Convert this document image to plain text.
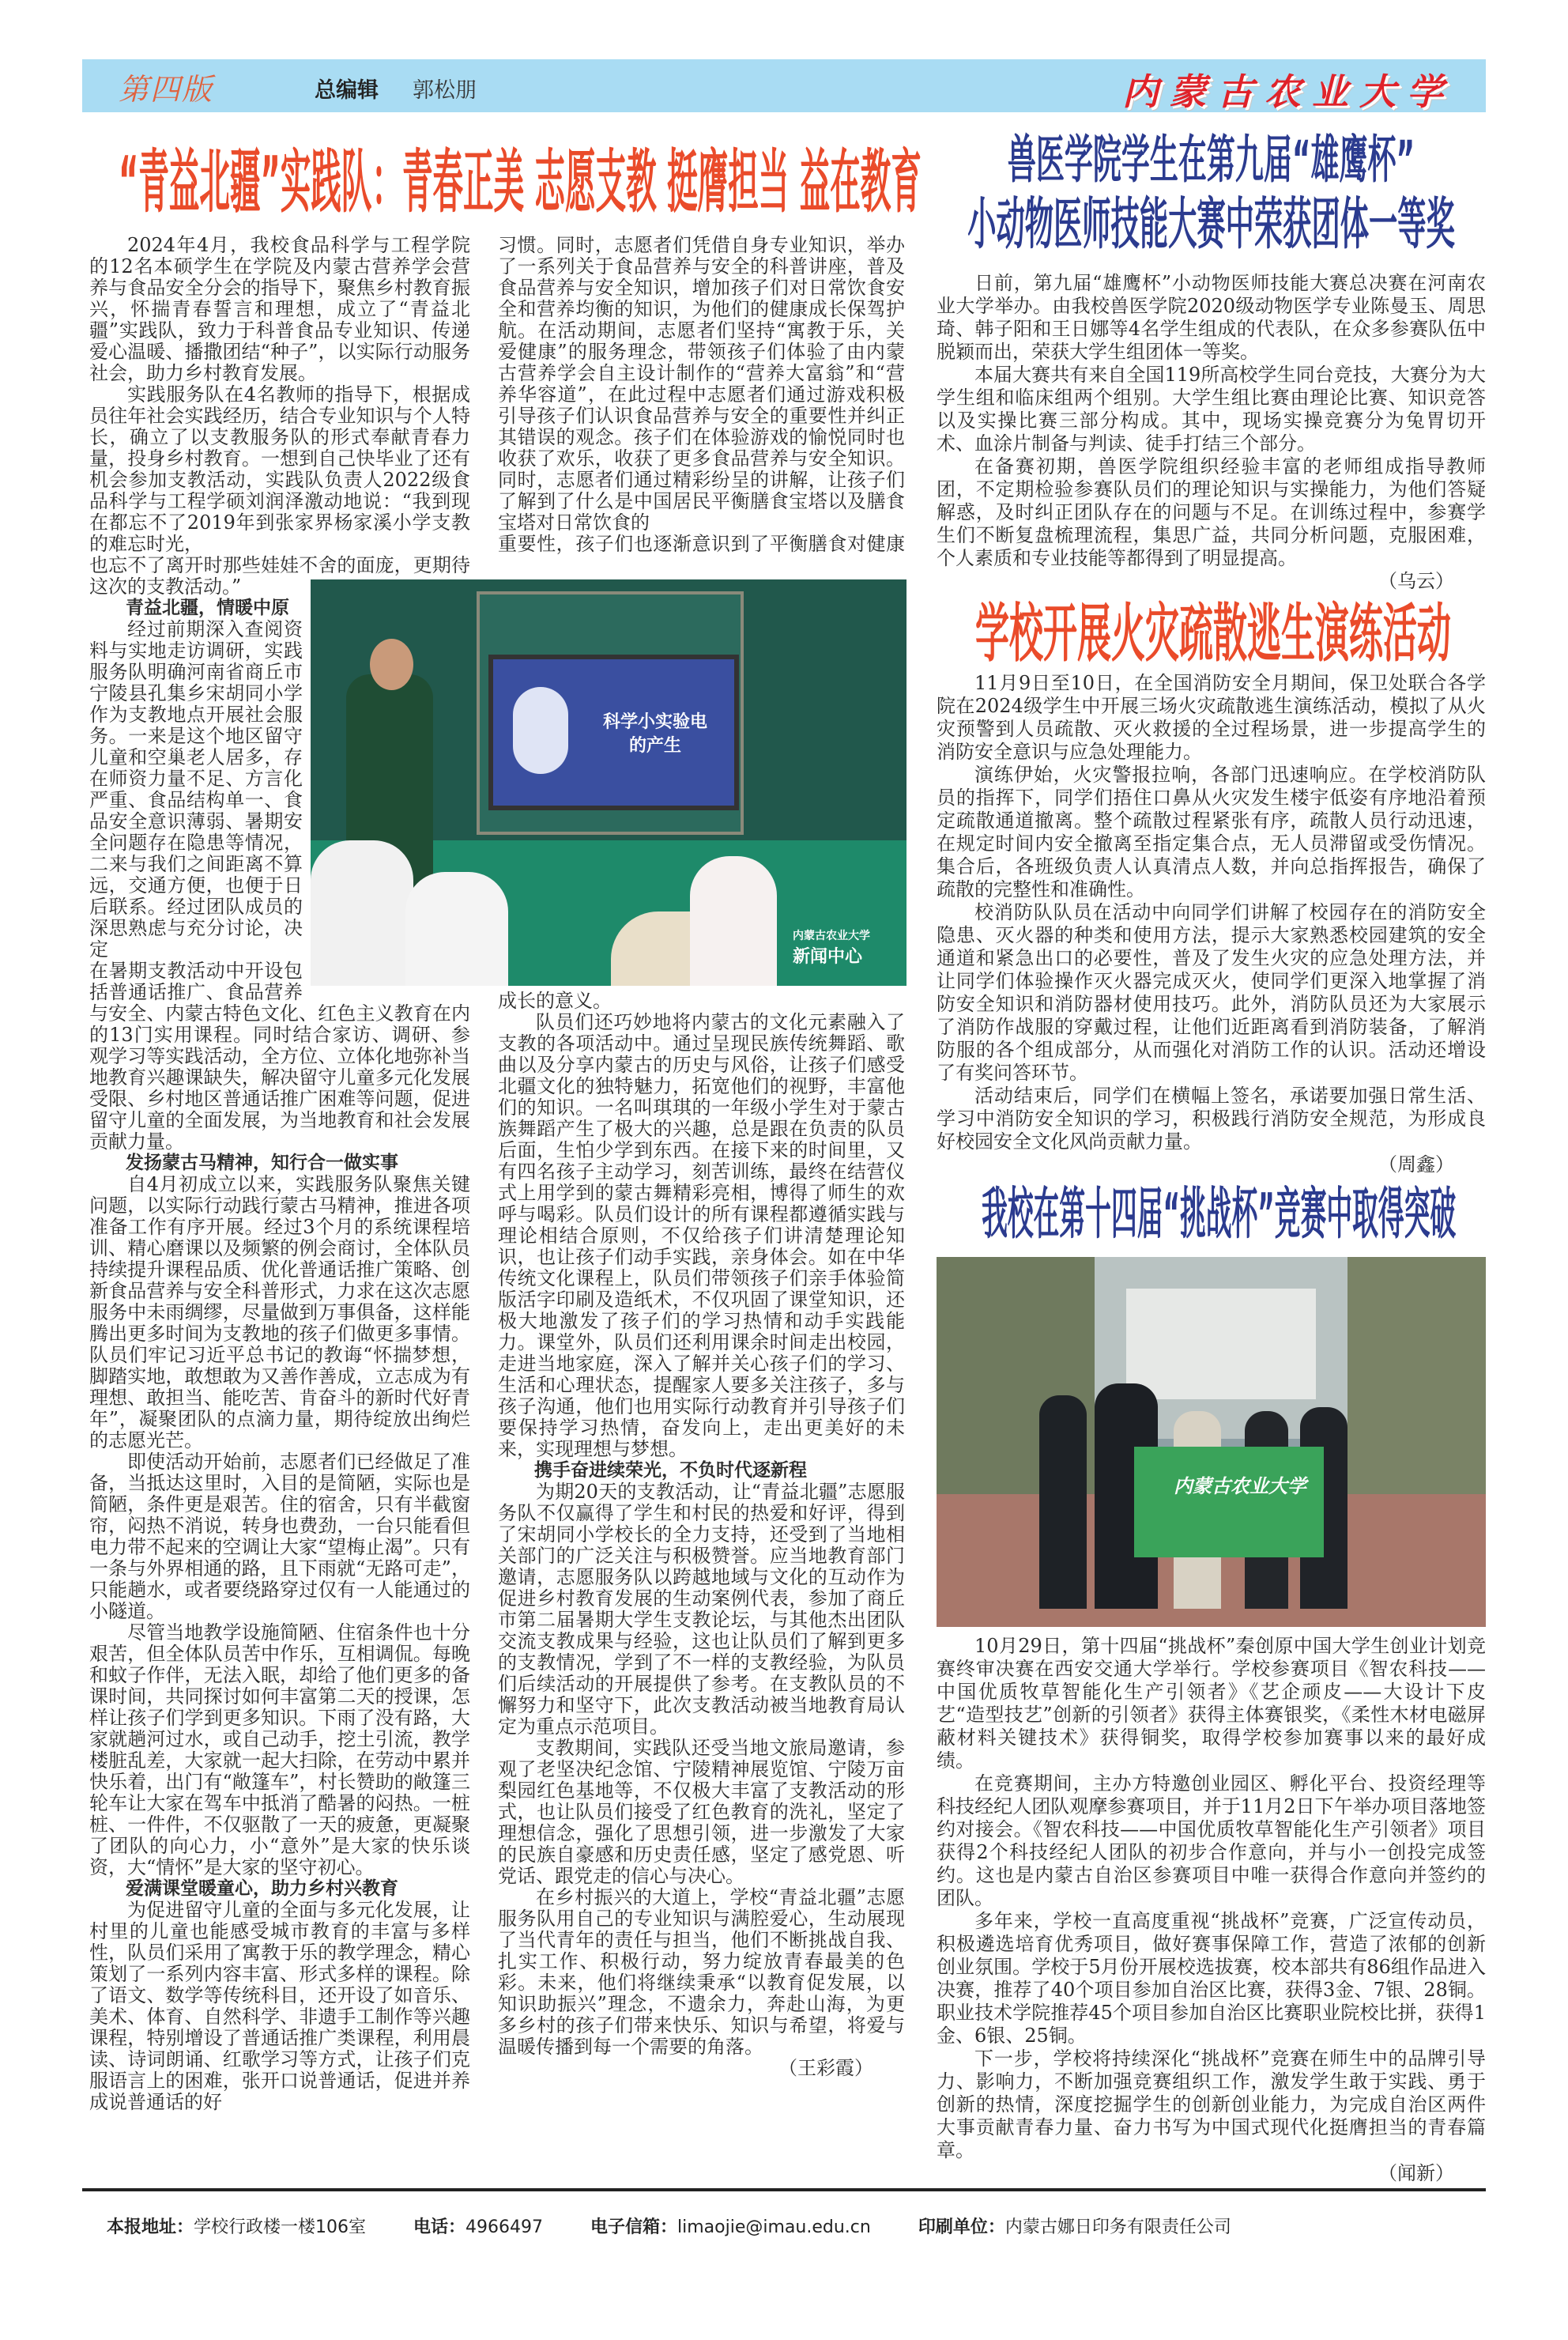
第四版	总编辑 郭松朋	内蒙古农业大学
“青益北疆”实践队：青春正美 志愿支教 挺膺担当 益在教育

2024年4月，我校食品科学与工程学院的12名本硕学生在学院及内蒙古营养学会营养与食品安全分会的指导下，聚焦乡村教育振兴，怀揣青春誓言和理想，成立了“青益北疆”实践队，致力于科普食品专业知识、传递爱心温暖、播撒团结“种子”，以实际行动服务社会，助力乡村教育发展。

实践服务队在4名教师的指导下，根据成员往年社会实践经历，结合专业知识与个人特长，确立了以支教服务队的形式奉献青春力量，投身乡村教育。一想到自己快毕业了还有机会参加支教活动，实践队负责人2022级食品科学与工程学硕刘润泽激动地说：“我到现在都忘不了2019年到张家界杨家溪小学支教的难忘时光，

也忘不了离开时那些娃娃不舍的面庞，更期待这次的支教活动。”

青益北疆，情暖中原

经过前期深入查阅资料与实地走访调研，实践服务队明确河南省商丘市宁陵县孔集乡宋胡同小学作为支教地点开展社会服务。一来是这个地区留守儿童和空巢老人居多，存在师资力量不足、方言化严重、食品结构单一、食品安全意识薄弱、暑期安全问题存在隐患等情况，二来与我们之间距离不算远，交通方便，也便于日后联系。经过团队成员的深思熟虑与充分讨论，决定

在暑期支教活动中开设包括普通话推广、食品营养与安全、内蒙古特色文化、红色主义教育在内的13门实用课程。同时结合家访、调研、参观学习等实践活动，全方位、立体化地弥补当地教育兴趣课缺失，解决留守儿童多元化发展受限、乡村地区普通话推广困难等问题，促进留守儿童的全面发展，为当地教育和社会发展贡献力量。

发扬蒙古马精神，知行合一做实事

自4月初成立以来，实践服务队聚焦关键问题，以实际行动践行蒙古马精神，推进各项准备工作有序开展。经过3个月的系统课程培训、精心磨课以及频繁的例会商讨，全体队员持续提升课程品质、优化普通话推广策略、创新食品营养与安全科普形式，力求在这次志愿服务中未雨绸缪，尽量做到万事俱备，这样能腾出更多时间为支教地的孩子们做更多事情。队员们牢记习近平总书记的教诲“怀揣梦想，脚踏实地，敢想敢为又善作善成，立志成为有理想、敢担当、能吃苦、肯奋斗的新时代好青年”，凝聚团队的点滴力量，期待绽放出绚烂的志愿光芒。

即使活动开始前，志愿者们已经做足了准备，当抵达这里时，入目的是简陋，实际也是简陋，条件更是艰苦。住的宿舍，只有半截窗帘，闷热不消说，转身也费劲，一台只能看但电力带不起来的空调让大家“望梅止渴”。只有一条与外界相通的路，且下雨就“无路可走”，只能趟水，或者要绕路穿过仅有一人能通过的小隧道。

尽管当地教学设施简陋、住宿条件也十分艰苦，但全体队员苦中作乐，互相调侃。每晚和蚊子作伴，无法入眠，却给了他们更多的备课时间，共同探讨如何丰富第二天的授课，怎样让孩子们学到更多知识。下雨了没有路，大家就趟河过水，或自己动手，挖土引流，教学楼脏乱差，大家就一起大扫除，在劳动中累并快乐着，出门有“敞篷车”，村长赞助的敞篷三轮车让大家在驾车中抵消了酷暑的闷热。一桩桩、一件件，不仅驱散了一天的疲惫，更凝聚了团队的向心力，小“意外”是大家的快乐谈资，大“情怀”是大家的坚守初心。

爱满课堂暖童心，助力乡村兴教育

为促进留守儿童的全面与多元化发展，让村里的儿童也能感受城市教育的丰富与多样性，队员们采用了寓教于乐的教学理念，精心策划了一系列内容丰富、形式多样的课程。除了语文、数学等传统科目，还开设了如音乐、美术、体育、自然科学、非遗手工制作等兴趣课程，特别增设了普通话推广类课程，利用晨读、诗词朗诵、红歌学习等方式，让孩子们克服语言上的困难，张开口说普通话，促进并养成说普通话的好

习惯。同时，志愿者们凭借自身专业知识，举办了一系列关于食品营养与安全的科普讲座，普及食品营养与安全知识，增加孩子们对日常饮食安全和营养均衡的知识，为他们的健康成长保驾护航。在活动期间，志愿者们坚持“寓教于乐，关爱健康”的服务理念，带领孩子们体验了由内蒙古营养学会自主设计制作的“营养大富翁”和“营养华容道”，在此过程中志愿者们通过游戏积极引导孩子们认识食品营养与安全的重要性并纠正其错误的观念。孩子们在体验游戏的愉悦同时也收获了欢乐，收获了更多食品营养与安全知识。同时，志愿者们通过精彩纷呈的讲解，让孩子们了解到了什么是中国居民平衡膳食宝塔以及膳食宝塔对日常饮食的

重要性，孩子们也逐渐意识到了平衡膳食对健康成长的意义。

队员们还巧妙地将内蒙古的文化元素融入了支教的各项活动中。通过呈现民族传统舞蹈、歌曲以及分享内蒙古的历史与风俗，让孩子们感受北疆文化的独特魅力，拓宽他们的视野，丰富他们的知识。一名叫琪琪的一年级小学生对于蒙古族舞蹈产生了极大的兴趣，总是跟在负责的队员后面，生怕少学到东西。在接下来的时间里，又有四名孩子主动学习，刻苦训练，最终在结营仪式上用学到的蒙古舞精彩亮相，博得了师生的欢呼与喝彩。队员们设计的所有课程都遵循实践与理论相结合原则，不仅给孩子们讲清楚理论知识，也让孩子们动手实践，亲身体会。如在中华传统文化课程上，队员们带领孩子们亲手体验简版活字印刷及造纸术，不仅巩固了课堂知识，还极大地激发了孩子们的学习热情和动手实践能力。课堂外，队员们还利用课余时间走出校园，走进当地家庭，深入了解并关心孩子们的学习、生活和心理状态，提醒家人要多关注孩子，多与孩子沟通，他们也用实际行动教育并引导孩子们要保持学习热情，奋发向上，走出更美好的未来，实现理想与梦想。

携手奋进续荣光，不负时代逐新程

为期20天的支教活动，让“青益北疆”志愿服务队不仅赢得了学生和村民的热爱和好评，得到了宋胡同小学校长的全力支持，还受到了当地相关部门的广泛关注与积极赞誉。应当地教育部门邀请，志愿服务队以跨越地域与文化的互动作为促进乡村教育发展的生动案例代表，参加了商丘市第二届暑期大学生支教论坛，与其他杰出团队交流支教成果与经验，这也让队员们了解到更多的支教情况，学到了不一样的支教经验，为队员们后续活动的开展提供了参考。在支教队员的不懈努力和坚守下，此次支教活动被当地教育局认定为重点示范项目。

支教期间，实践队还受当地文旅局邀请，参观了老坚决纪念馆、宁陵精神展览馆、宁陵万亩梨园红色基地等，不仅极大丰富了支教活动的形式，也让队员们接受了红色教育的洗礼，坚定了理想信念，强化了思想引领，进一步激发了大家的民族自豪感和历史责任感，坚定了感党恩、听党话、跟党走的信心与决心。

在乡村振兴的大道上，学校“青益北疆”志愿服务队用自己的专业知识与满腔爱心，生动展现了当代青年的责任与担当，他们不断挑战自我、扎实工作、积极行动，努力绽放青春最美的色彩。未来，他们将继续秉承“以教育促发展，以知识助振兴”理念，不遗余力，奔赴山海，为更多乡村的孩子们带来快乐、知识与希望，将爱与温暖传播到每一个需要的角落。

（王彩霞）

科学小实验电
的产生
内蒙古农业大学
新闻中心
兽医学院学生在第九届“雄鹰杯”
小动物医师技能大赛中荣获团体一等奖

日前，第九届“雄鹰杯”小动物医师技能大赛总决赛在河南农业大学举办。由我校兽医学院2020级动物医学专业陈曼玉、周思琦、韩子阳和王日娜等4名学生组成的代表队，在众多参赛队伍中脱颖而出，荣获大学生组团体一等奖。

本届大赛共有来自全国119所高校学生同台竞技，大赛分为大学生组和临床组两个组别。大学生组比赛由理论比赛、知识竞答以及实操比赛三部分构成。其中，现场实操竞赛分为兔胃切开术、血涂片制备与判读、徒手打结三个部分。

在备赛初期，兽医学院组织经验丰富的老师组成指导教师团，不定期检验参赛队员们的理论知识与实操能力，为他们答疑解惑，及时纠正团队存在的问题与不足。在训练过程中，参赛学生们不断复盘梳理流程，集思广益，共同分析问题，克服困难，个人素质和专业技能等都得到了明显提高。

（乌云）

学校开展火灾疏散逃生演练活动

11月9日至10日，在全国消防安全月期间，保卫处联合各学院在2024级学生中开展三场火灾疏散逃生演练活动，模拟了从火灾预警到人员疏散、灭火救援的全过程场景，进一步提高学生的消防安全意识与应急处理能力。

演练伊始，火灾警报拉响，各部门迅速响应。在学校消防队员的指挥下，同学们捂住口鼻从火灾发生楼宇低姿有序地沿着预定疏散通道撤离。整个疏散过程紧张有序，疏散人员行动迅速，在规定时间内安全撤离至指定集合点，无人员滞留或受伤情况。集合后，各班级负责人认真清点人数，并向总指挥报告，确保了疏散的完整性和准确性。

校消防队队员在活动中向同学们讲解了校园存在的消防安全隐患、灭火器的种类和使用方法，提示大家熟悉校园建筑的安全通道和紧急出口的必要性，普及了发生火灾的应急处理方法，并让同学们体验操作灭火器完成灭火，使同学们更深入地掌握了消防安全知识和消防器材使用技巧。此外，消防队员还为大家展示了消防作战服的穿戴过程，让他们近距离看到消防装备，了解消防服的各个组成部分，从而强化对消防工作的认识。活动还增设了有奖问答环节。

活动结束后，同学们在横幅上签名，承诺要加强日常生活、学习中消防安全知识的学习，积极践行消防安全规范，为形成良好校园安全文化风尚贡献力量。

（周鑫）

我校在第十四届“挑战杯”竞赛中取得突破
内蒙古农业大学

10月29日，第十四届“挑战杯”秦创原中国大学生创业计划竞赛终审决赛在西安交通大学举行。学校参赛项目《智农科技——中国优质牧草智能化生产引领者》《艺企顽皮——大设计下皮艺“造型技艺”创新的引领者》获得主体赛银奖，《柔性木材电磁屏蔽材料关键技术》获得铜奖，取得学校参加赛事以来的最好成绩。

在竞赛期间，主办方特邀创业园区、孵化平台、投资经理等科技经纪人团队观摩参赛项目，并于11月2日下午举办项目落地签约对接会。《智农科技——中国优质牧草智能化生产引领者》项目获得2个科技经纪人团队的初步合作意向，并与小一创投完成签约。这也是内蒙古自治区参赛项目中唯一获得合作意向并签约的团队。

多年来，学校一直高度重视“挑战杯”竞赛，广泛宣传动员，积极遴选培育优秀项目，做好赛事保障工作，营造了浓郁的创新创业氛围。学校于5月份开展校选拔赛，校本部共有86组作品进入决赛，推荐了40个项目参加自治区比赛，获得3金、7银、28铜。职业技术学院推荐45个项目参加自治区比赛职业院校比拼，获得1金、6银、25铜。

下一步，学校将持续深化“挑战杯”竞赛在师生中的品牌引导力、影响力，不断加强竞赛组织工作，激发学生敢于实践、勇于创新的热情，深度挖掘学生的创新创业能力，为完成自治区两件大事贡献青春力量、奋力书写为中国式现代化挺膺担当的青春篇章。

（闻新）

本报地址：学校行政楼一楼106室	电话：4966497	电子信箱：limaojie@imau.edu.cn	印刷单位：内蒙古娜日印务有限责任公司
